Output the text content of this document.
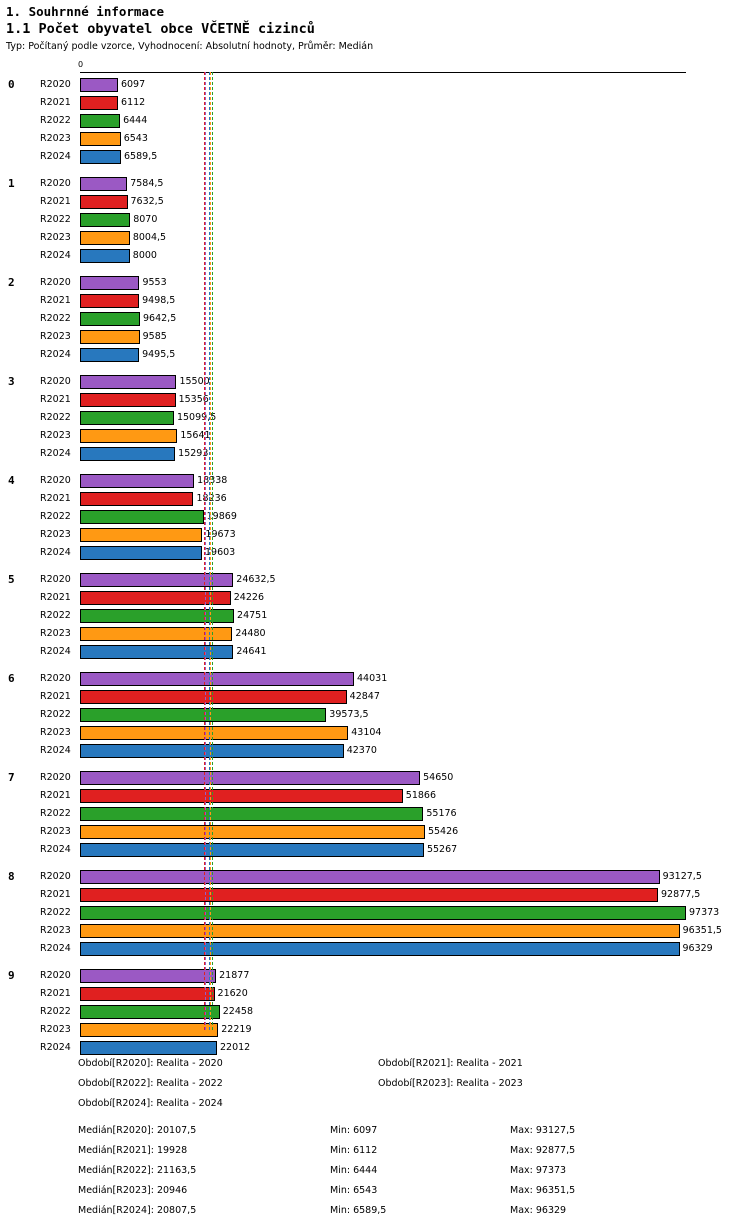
1. Souhrnné informace
1.1 Počet obyvatel obce VČETNĚ cizinců
Typ: Počítaný podle vzorce, Vyhodnocení: Absolutní hodnoty, Průměr: Medián
0
0	R2020	6097
R2021	6112
R2022	6444
R2023	6543
R2024	6589,5
1	R2020	7584,5
R2021	7632,5
R2022	8070
R2023	8004,5
R2024	8000
2	R2020	9553
R2021	9498,5
R2022	9642,5
R2023	9585
R2024	9495,5
3	R2020	15500
R2021	15356
R2022	15099,5
R2023	15641
R2024	15293
4	R2020	18338
R2021	18236
R2022	19869
R2023	19673
R2024	19603
5	R2020	24632,5
R2021	24226
R2022	24751
R2023	24480
R2024	24641
6	R2020	44031
R2021	42847
R2022	39573,5
R2023	43104
R2024	42370
7	R2020	54650
R2021	51866
R2022	55176
R2023	55426
R2024	55267
8	R2020	93127,5
R2021	92877,5
R2022	97373
R2023	96351,5
R2024	96329
9	R2020	21877
R2021	21620
R2022	22458
R2023	22219
R2024	22012
Období[R2020]: Realita - 2020	Období[R2021]: Realita - 2021
Období[R2022]: Realita - 2022	Období[R2023]: Realita - 2023
Období[R2024]: Realita - 2024
Medián[R2020]: 20107,5	Min: 6097	Max: 93127,5
Medián[R2021]: 19928	Min: 6112	Max: 92877,5
Medián[R2022]: 21163,5	Min: 6444	Max: 97373
Medián[R2023]: 20946	Min: 6543	Max: 96351,5
Medián[R2024]: 20807,5	Min: 6589,5	Max: 96329
